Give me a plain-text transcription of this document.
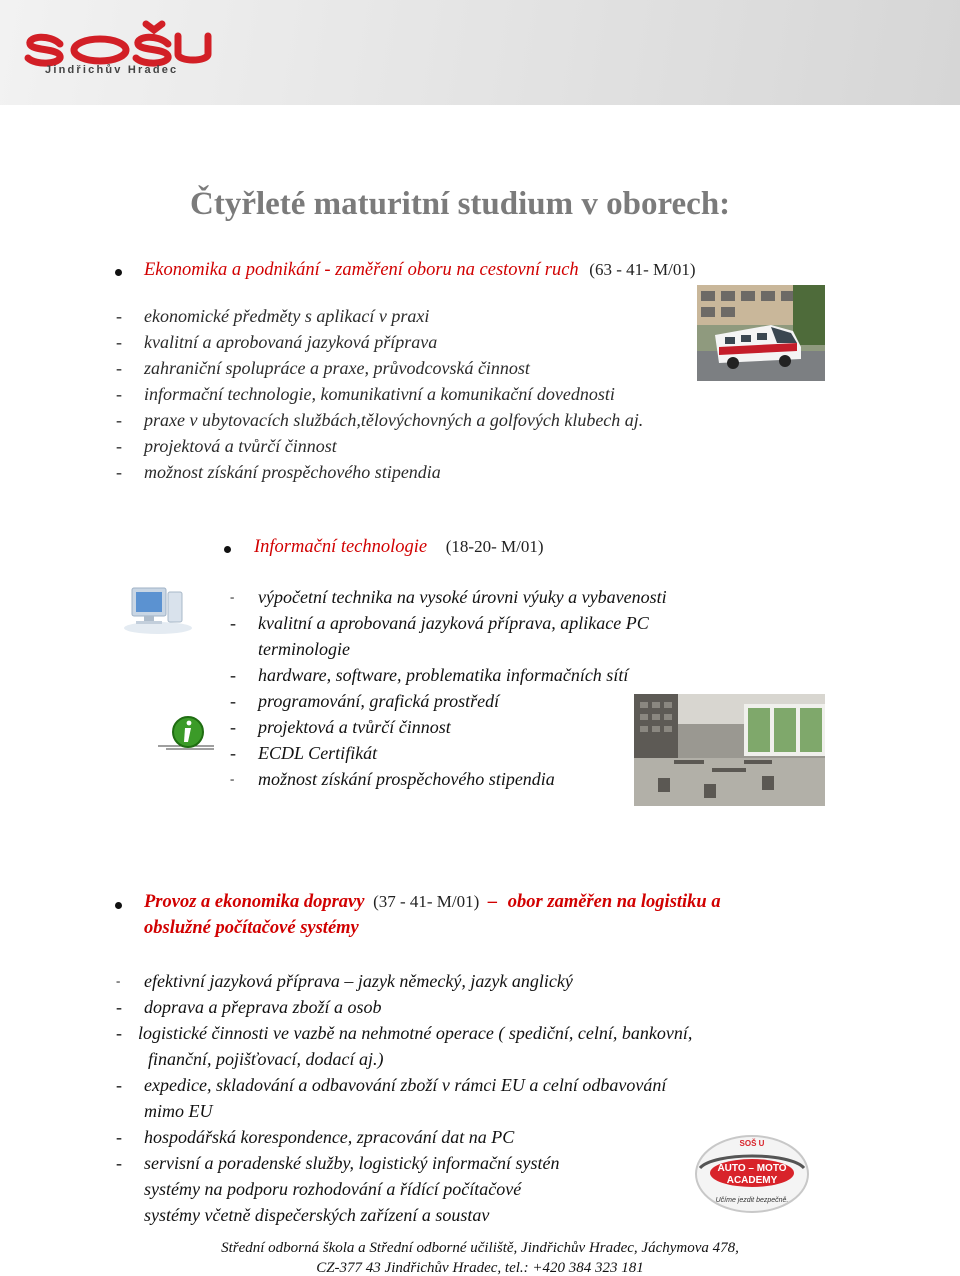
Jindřichův Hradec
Čtyřleté maturitní studium v oborech:
Ekonomika a podnikání - zaměření oboru na cestovní ruch (63 - 41- M/01)
- ekonomické předměty s aplikací v praxi
- kvalitní a aprobovaná jazyková příprava
- zahraniční spolupráce a praxe, průvodcovská činnost
- informační technologie, komunikativní a komunikační dovednosti
- praxe v ubytovacích službách,tělovýchovných a golfových klubech aj.
- projektová a tvůrčí činnost
- možnost získání prospěchového stipendia
Informační technologie (18-20- M/01)
- výpočetní technika na vysoké úrovni výuky a vybavenosti
- kvalitní a aprobovaná jazyková příprava, aplikace PC
terminologie
- hardware, software, problematika informačních sítí
- programování, grafická prostředí
- projektová a tvůrčí činnost
- ECDL Certifikát
- možnost získání prospěchového stipendia
Provoz a ekonomika dopravy (37 - 41- M/01) – obor zaměřen na logistiku a
obslužné počítačové systémy
- efektivní jazyková příprava – jazyk německý, jazyk anglický
- doprava a přeprava zboží a osob
- logistické činnosti ve vazbě na nehmotné operace ( spediční, celní, bankovní,
finanční, pojišťovací, dodací aj.)
- expedice, skladování a odbavování zboží v rámci EU a celní odbavování
mimo EU
- hospodářská korespondence, zpracování dat na PC
- servisní a poradenské služby, logistický informační systén
systémy na podporu rozhodování a řídící počítačové
systémy včetně dispečerských zařízení a soustav
SOŠ U
AUTO – MOTO
ACADEMY
Učíme jezdit bezpečně.
Střední odborná škola a Střední odborné učiliště, Jindřichův Hradec, Jáchymova 478,
CZ-377 43 Jindřichův Hradec, tel.: +420 384 323 181
